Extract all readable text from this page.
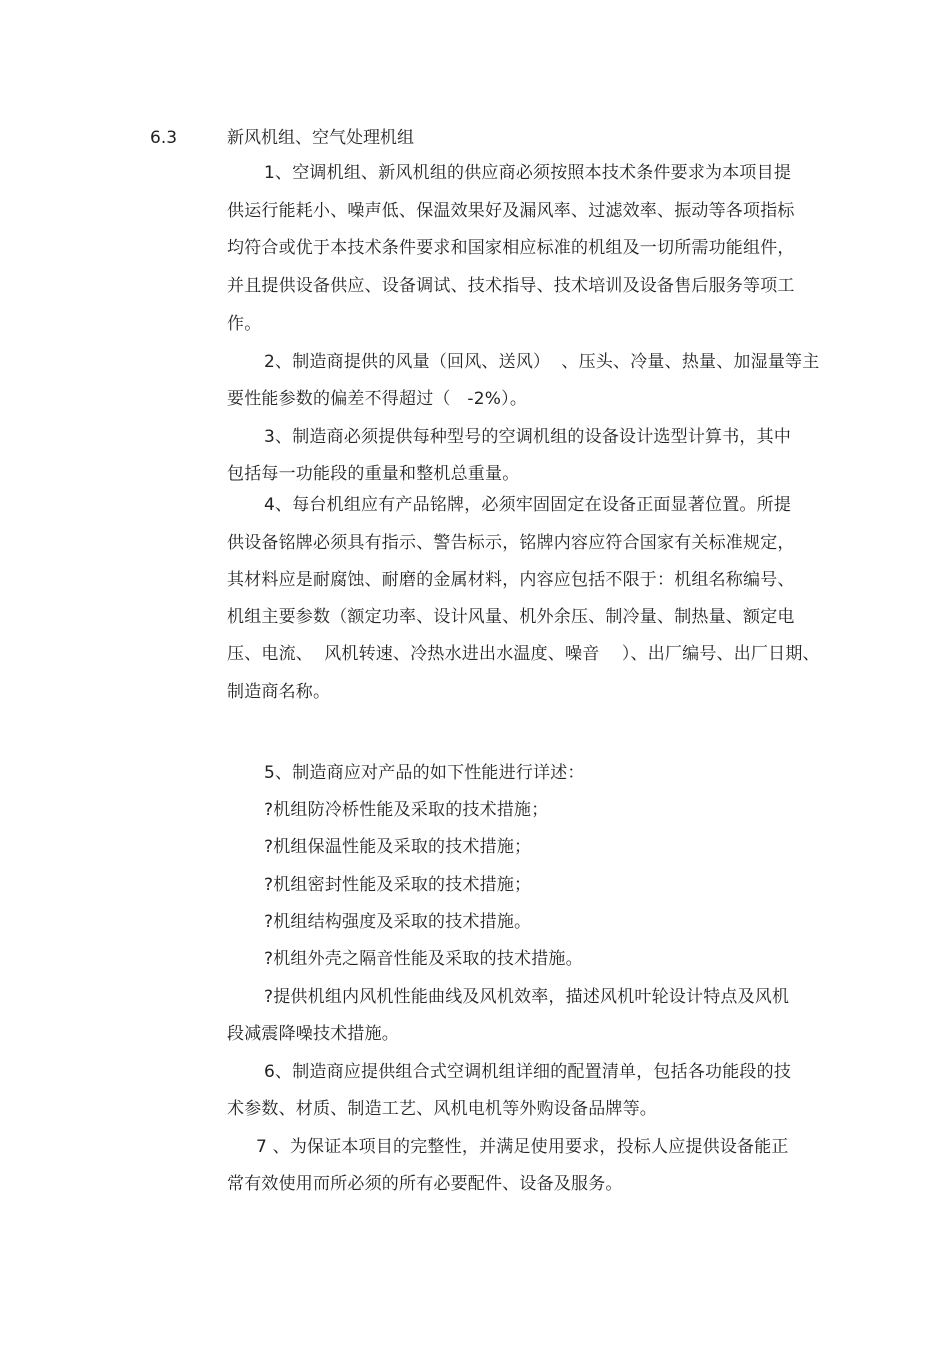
6.3	新风机组、空气处理机组
1、空调机组、新风机组的供应商必须按照本技术条件要求为本项目提
供运行能耗小、噪声低、保温效果好及漏风率、过滤效率、振动等各项指标
均符合或优于本技术条件要求和国家相应标准的机组及一切所需功能组件，
并且提供设备供应、设备调试、技术指导、技术培训及设备售后服务等项工
作。
2、制造商提供的风量（回风、送风）  、压头、冷量、热量、加湿量等主
要性能参数的偏差不得超过（   -2%）。
3、制造商必须提供每种型号的空调机组的设备设计选型计算书，其中
包括每一功能段的重量和整机总重量。
4、每台机组应有产品铭牌，必须牢固固定在设备正面显著位置。所提
供设备铭牌必须具有指示、警告标示，铭牌内容应符合国家有关标准规定，
其材料应是耐腐蚀、耐磨的金属材料，内容应包括不限于：机组名称编号、
机组主要参数（额定功率、设计风量、机外余压、制冷量、制热量、额定电
压、电流、  风机转速、冷热水进出水温度、噪音    ）、出厂编号、出厂日期、
制造商名称。
5、制造商应对产品的如下性能进行详述：
?机组防冷桥性能及采取的技术措施；
?机组保温性能及采取的技术措施；
?机组密封性能及采取的技术措施；
?机组结构强度及采取的技术措施。
?机组外壳之隔音性能及采取的技术措施。
?提供机组内风机性能曲线及风机效率，描述风机叶轮设计特点及风机
段减震降噪技术措施。
6、制造商应提供组合式空调机组详细的配置清单，包括各功能段的技
术参数、材质、制造工艺、风机电机等外购设备品牌等。
7 、为保证本项目的完整性，并满足使用要求，投标人应提供设备能正
常有效使用而所必须的所有必要配件、设备及服务。
